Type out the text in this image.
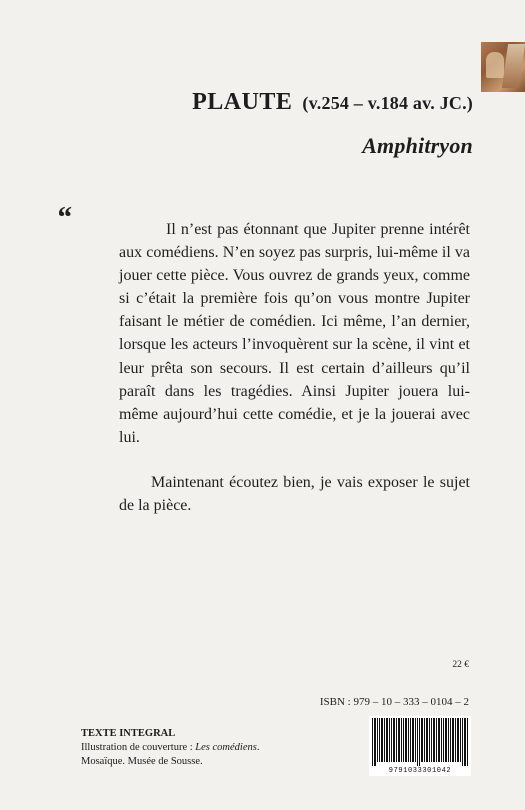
PLAUTE (v.254 – v.184 av. JC.)
Amphitryon
“	Il n’est pas étonnant que Jupiter prenne intérêt aux comédiens. N’en soyez pas surpris, lui-même il va jouer cette pièce. Vous ouvrez de grands yeux, comme si c’était la première fois qu’on vous montre Jupiter faisant le métier de comédien. Ici même, l’an dernier, lorsque les acteurs l’invoquèrent sur la scène, il vint et leur prêta son secours. Il est certain d’ailleurs qu’il paraît dans les tragédies. Ainsi Jupiter jouera lui-même aujourd’hui cette comédie, et je la jouerai avec lui.

Maintenant écoutez bien, je vais exposer le sujet de la pièce.

22 €
ISBN : 979 – 10 – 333 – 0104 – 2

TEXTE INTEGRAL

Illustration de couverture : Les comédiens.

Mosaïque. Musée de Sousse.

9791033301042
